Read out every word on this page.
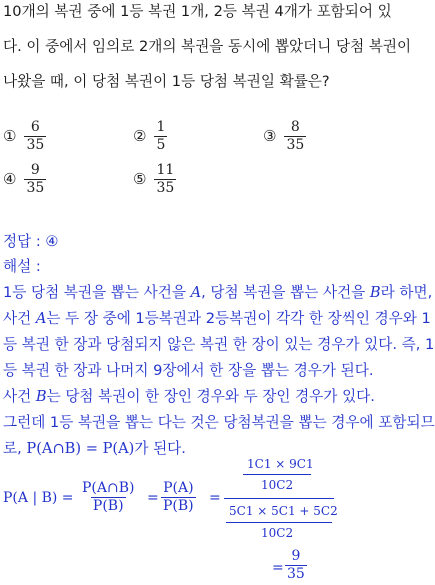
10개의 복권 중에 1등 복권 1개, 2등 복권 4개가 포함되어 있
다. 이 중에서 임의로 2개의 복권을 동시에 뽑았더니 당첨 복권이
나왔을 때, 이 당첨 복권이 1등 당첨 복권일 확률은?
① $\frac{6}{35}$	② $\frac{1}{5}$	③ $\frac{8}{35}$
④ $\frac{9}{35}$	⑤ $\frac{11}{35}$
정답 : ④
해설 :
1등 당첨 복권을 뽑는 사건을 A, 당첨 복권을 뽑는 사건을 B라 하면,
사건 A는 두 장 중에 1등복권과 2등복권이 각각 한 장씩인 경우와 1
등 복권 한 장과 당첨되지 않은 복권 한 장이 있는 경우가 있다. 즉, 1
등 복권 한 장과 나머지 9장에서 한 장을 뽑는 경우가 된다.
사건 B는 당첨 복권이 한 장인 경우와 두 장인 경우가 있다.
그런데 1등 복권을 뽑는 다는 것은 당첨복권을 뽑는 경우에 포함되므
로, P(A∩B) = P(A)가 된다.
P(A | $B) = \frac{P(A\cap B)}{P(B)} = \frac{P(A)}{P(B)}$ =
1C1 × 9C1
10C2
5C1 × 5C1 + 5C2
10C2
= $\frac{9}{35}$
